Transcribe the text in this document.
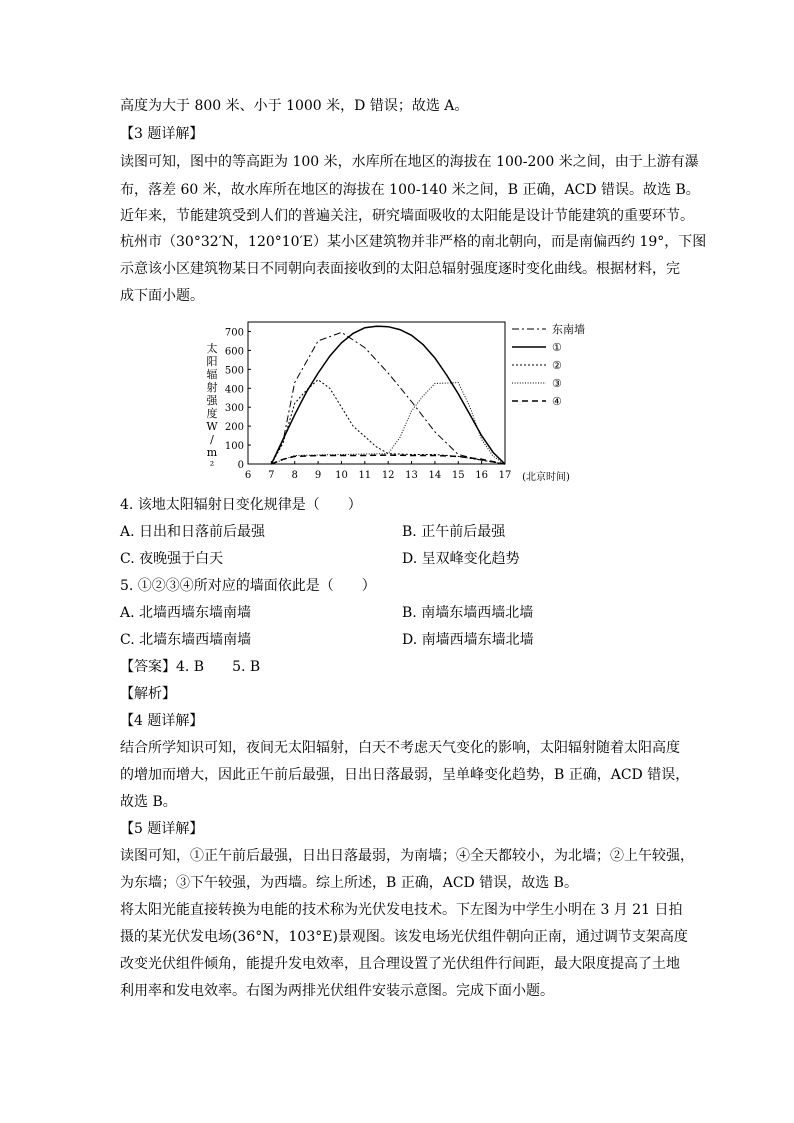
高度为大于 800 米、小于 1000 米，D 错误；故选 A。
【3 题详解】
读图可知，图中的等高距为 100 米，水库所在地区的海拔在 100-200 米之间，由于上游有瀑
布，落差 60 米，故水库所在地区的海拔在 100-140 米之间，B 正确，ACD 错误。故选 B。
近年来，节能建筑受到人们的普遍关注，研究墙面吸收的太阳能是设计节能建筑的重要环节。
杭州市（30°32′N，120°10′E）某小区建筑物并非严格的南北朝向，而是南偏西约 19°，下图
示意该小区建筑物某日不同朝向表面接收到的太阳总辐射强度逐时变化曲线。根据材料，完
成下面小题。
太
阳
辐
射
强
度
W
/
m
² 0
100
200
300
400
500
600
700
6 7 8 9 10 11 12 13 14 15 16 17
东南墙
①
②
③
④
(北京时间)
4. 该地太阳辐射日变化规律是（　　）
A. 日出和日落前后最强	B. 正午前后最强
C. 夜晚强于白天	D. 呈双峰变化趋势
5. ①②③④所对应的墙面依此是（　　）
A. 北墙西墙东墙南墙	B. 南墙东墙西墙北墙
C. 北墙东墙西墙南墙	D. 南墙西墙东墙北墙
【答案】4. B　　5. B
【解析】
【4 题详解】
结合所学知识可知，夜间无太阳辐射，白天不考虑天气变化的影响，太阳辐射随着太阳高度
的增加而增大，因此正午前后最强，日出日落最弱，呈单峰变化趋势，B 正确，ACD 错误，
故选 B。
【5 题详解】
读图可知，①正午前后最强，日出日落最弱，为南墙；④全天都较小，为北墙；②上午较强，
为东墙；③下午较强，为西墙。综上所述，B 正确，ACD 错误，故选 B。
将太阳光能直接转换为电能的技术称为光伏发电技术。下左图为中学生小明在 3 月 21 日拍
摄的某光伏发电场(36°N，103°E)景观图。该发电场光伏组件朝向正南，通过调节支架高度
改变光伏组件倾角，能提升发电效率，且合理设置了光伏组件行间距，最大限度提高了土地
利用率和发电效率。右图为两排光伏组件安装示意图。完成下面小题。
